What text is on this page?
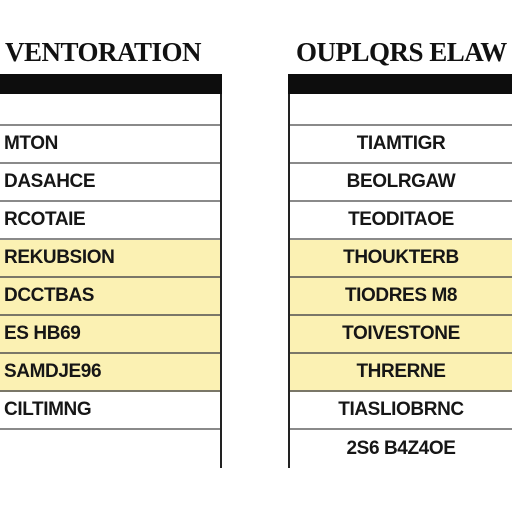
VENTORATION
MTON
DASAHCE
RCOTAIE
REKUBSION
DCCTBAS
ES HB69
SAMDJE96
CILTIMNG
OUPLQRS ELAW
TIAMTIGR
BEOLRGAW
TEODITAOE
THOUKTERB
TIODRES M8
TOIVESTONE
THRERNE
TIASLIOBRNC
2S6 B4Z4OE
